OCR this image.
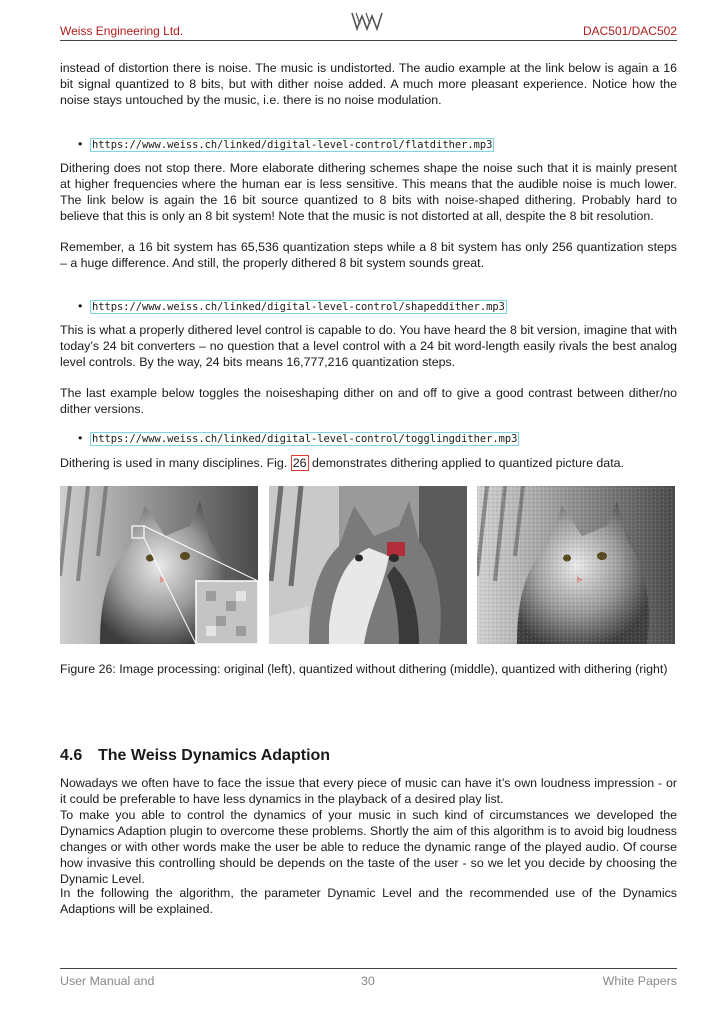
Weiss Engineering Ltd.	DAC501/DAC502
instead of distortion there is noise. The music is undistorted. The audio example at the link below is again a 16 bit signal quantized to 8 bits, but with dither noise added. A much more pleasant experience. Notice how the noise stays untouched by the music, i.e. there is no noise modulation.
• https://www.weiss.ch/linked/digital-level-control/flatdither.mp3
Dithering does not stop there. More elaborate dithering schemes shape the noise such that it is mainly present at higher frequencies where the human ear is less sensitive. This means that the audible noise is much lower. The link below is again the 16 bit source quantized to 8 bits with noise-shaped dithering. Probably hard to believe that this is only an 8 bit system! Note that the music is not distorted at all, despite the 8 bit resolution.
Remember, a 16 bit system has 65,536 quantization steps while a 8 bit system has only 256 quantization steps – a huge difference. And still, the properly dithered 8 bit system sounds great.
• https://www.weiss.ch/linked/digital-level-control/shapeddither.mp3
This is what a properly dithered level control is capable to do. You have heard the 8 bit version, imagine that with today’s 24 bit converters – no question that a level control with a 24 bit word-length easily rivals the best analog level controls. By the way, 24 bits means 16,777,216 quantization steps.
The last example below toggles the noiseshaping dither on and off to give a good contrast between dither/no dither versions.
• https://www.weiss.ch/linked/digital-level-control/togglingdither.mp3
Dithering is used in many disciplines. Fig. 26 demonstrates dithering applied to quantized picture data.
Figure 26: Image processing: original (left), quantized without dithering (middle), quantized with dithering (right)
4.6 The Weiss Dynamics Adaption
Nowadays we often have to face the issue that every piece of music can have it’s own loudness impression - or it could be preferable to have less dynamics in the playback of a desired play list.
To make you able to control the dynamics of your music in such kind of circumstances we developed the Dynamics Adaption plugin to overcome these problems. Shortly the aim of this algorithm is to avoid big loudness changes or with other words make the user be able to reduce the dynamic range of the played audio. Of course how invasive this controlling should be depends on the taste of the user - so we let you decide by choosing the Dynamic Level.
In the following the algorithm, the parameter Dynamic Level and the recommended use of the Dynamics Adaptions will be explained.
User Manual and	30	White Papers
